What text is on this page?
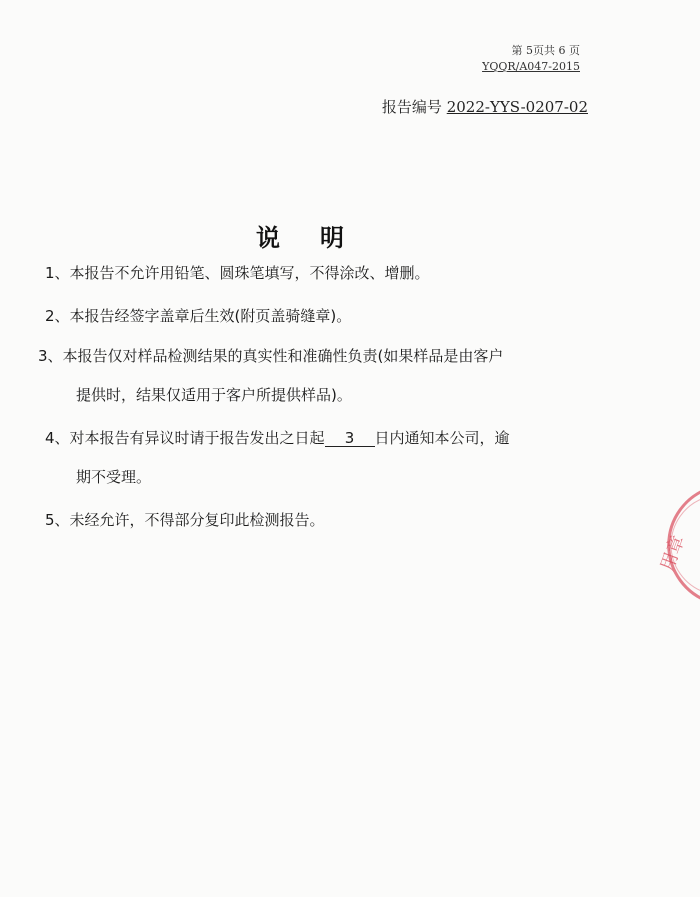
第 5页共 6 页
YQQR/A047-2015
报告编号 2022-YYS-0207-02
说明
1、本报告不允许用铅笔、圆珠笔填写，不得涂改、增删。
2、本报告经签字盖章后生效(附页盖骑缝章)。
3、本报告仅对样品检测结果的真实性和准确性负责(如果样品是由客户
提供时，结果仅适用于客户所提供样品)。
4、对本报告有异议时请于报告发出之日起 3 日内通知本公司，逾
期不受理。
5、未经允许，不得部分复印此检测报告。
用章
